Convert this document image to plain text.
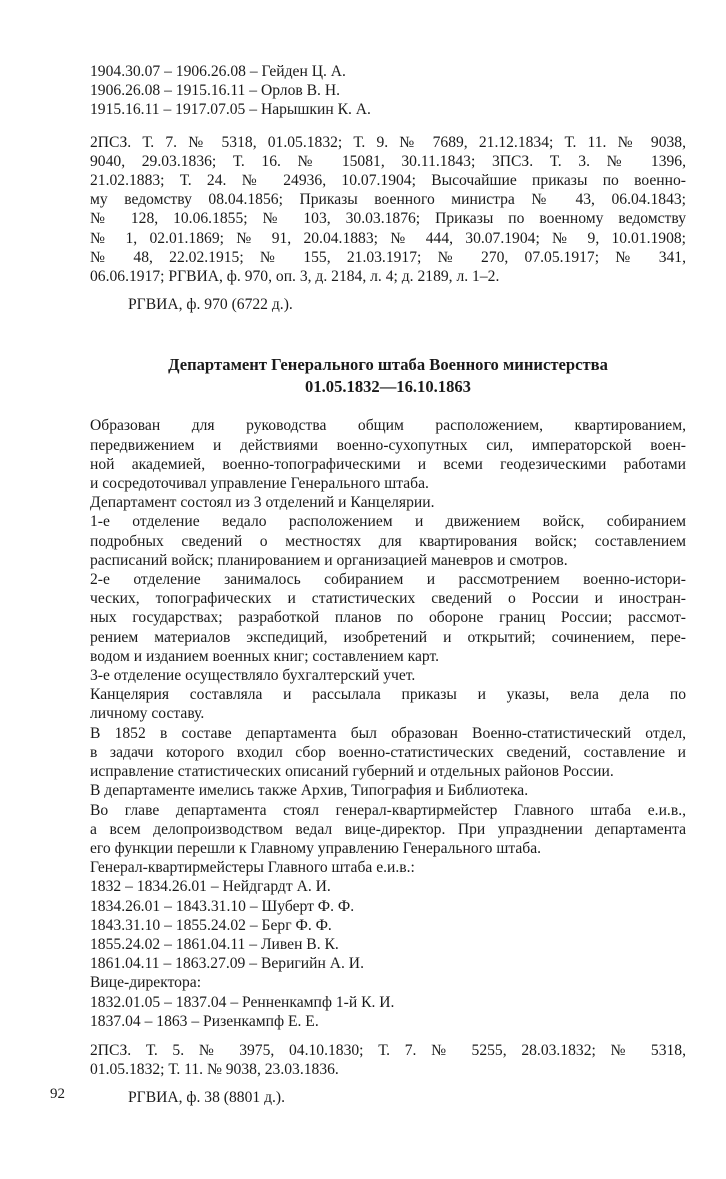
1904.30.07 – 1906.26.08 – Гейден Ц. А.
1906.26.08 – 1915.16.11 – Орлов В. Н.
1915.16.11 – 1917.07.05 – Нарышкин К. А.
2ПСЗ. Т. 7. № 5318, 01.05.1832; Т. 9. № 7689, 21.12.1834; Т. 11. № 9038,
9040, 29.03.1836; Т. 16. № 15081, 30.11.1843; 3ПСЗ. Т. 3. № 1396,
21.02.1883; Т. 24. № 24936, 10.07.1904; Высочайшие приказы по военно-
му ведомству 08.04.1856; Приказы военного министра № 43, 06.04.1843;
№ 128, 10.06.1855; № 103, 30.03.1876; Приказы по военному ведомству
№ 1, 02.01.1869; № 91, 20.04.1883; № 444, 30.07.1904; № 9, 10.01.1908;
№ 48, 22.02.1915; № 155, 21.03.1917; № 270, 07.05.1917; № 341,
06.06.1917; РГВИА, ф. 970, оп. 3, д. 2184, л. 4; д. 2189, л. 1–2.
РГВИА, ф. 970 (6722 д.).
Департамент Генерального штаба Военного министерства
01.05.1832—16.10.1863
Образован для руководства общим расположением, квартированием,
передвижением и действиями военно-сухопутных сил, императорской воен-
ной академией, военно-топографическими и всеми геодезическими работами
и сосредоточивал управление Генерального штаба.
Департамент состоял из 3 отделений и Канцелярии.
1-е отделение ведало расположением и движением войск, собиранием
подробных сведений о местностях для квартирования войск; составлением
расписаний войск; планированием и организацией маневров и смотров.
2-е отделение занималось собиранием и рассмотрением военно-истори-
ческих, топографических и статистических сведений о России и иностран-
ных государствах; разработкой планов по обороне границ России; рассмот-
рением материалов экспедиций, изобретений и открытий; сочинением, пере-
водом и изданием военных книг; составлением карт.
3-е отделение осуществляло бухгалтерский учет.
Канцелярия составляла и рассылала приказы и указы, вела дела по
личному составу.
В 1852 в составе департамента был образован Военно-статистический отдел,
в задачи которого входил сбор военно-статистических сведений, составление и
исправление статистических описаний губерний и отдельных районов России.
В департаменте имелись также Архив, Типография и Библиотека.
Во главе департамента стоял генерал-квартирмейстер Главного штаба е.и.в.,
а всем делопроизводством ведал вице-директор. При упразднении департамента
его функции перешли к Главному управлению Генерального штаба.
Генерал-квартирмейстеры Главного штаба е.и.в.:
1832 – 1834.26.01 – Нейдгардт А. И.
1834.26.01 – 1843.31.10 – Шуберт Ф. Ф.
1843.31.10 – 1855.24.02 – Берг Ф. Ф.
1855.24.02 – 1861.04.11 – Ливен В. К.
1861.04.11 – 1863.27.09 – Веригийн А. И.
Вице-директора:
1832.01.05 – 1837.04 – Ренненкампф 1-й К. И.
1837.04 – 1863 – Ризенкампф Е. Е.
2ПСЗ. Т. 5. № 3975, 04.10.1830; Т. 7. № 5255, 28.03.1832; № 5318,
01.05.1832; Т. 11. № 9038, 23.03.1836.
РГВИА, ф. 38 (8801 д.).
92
